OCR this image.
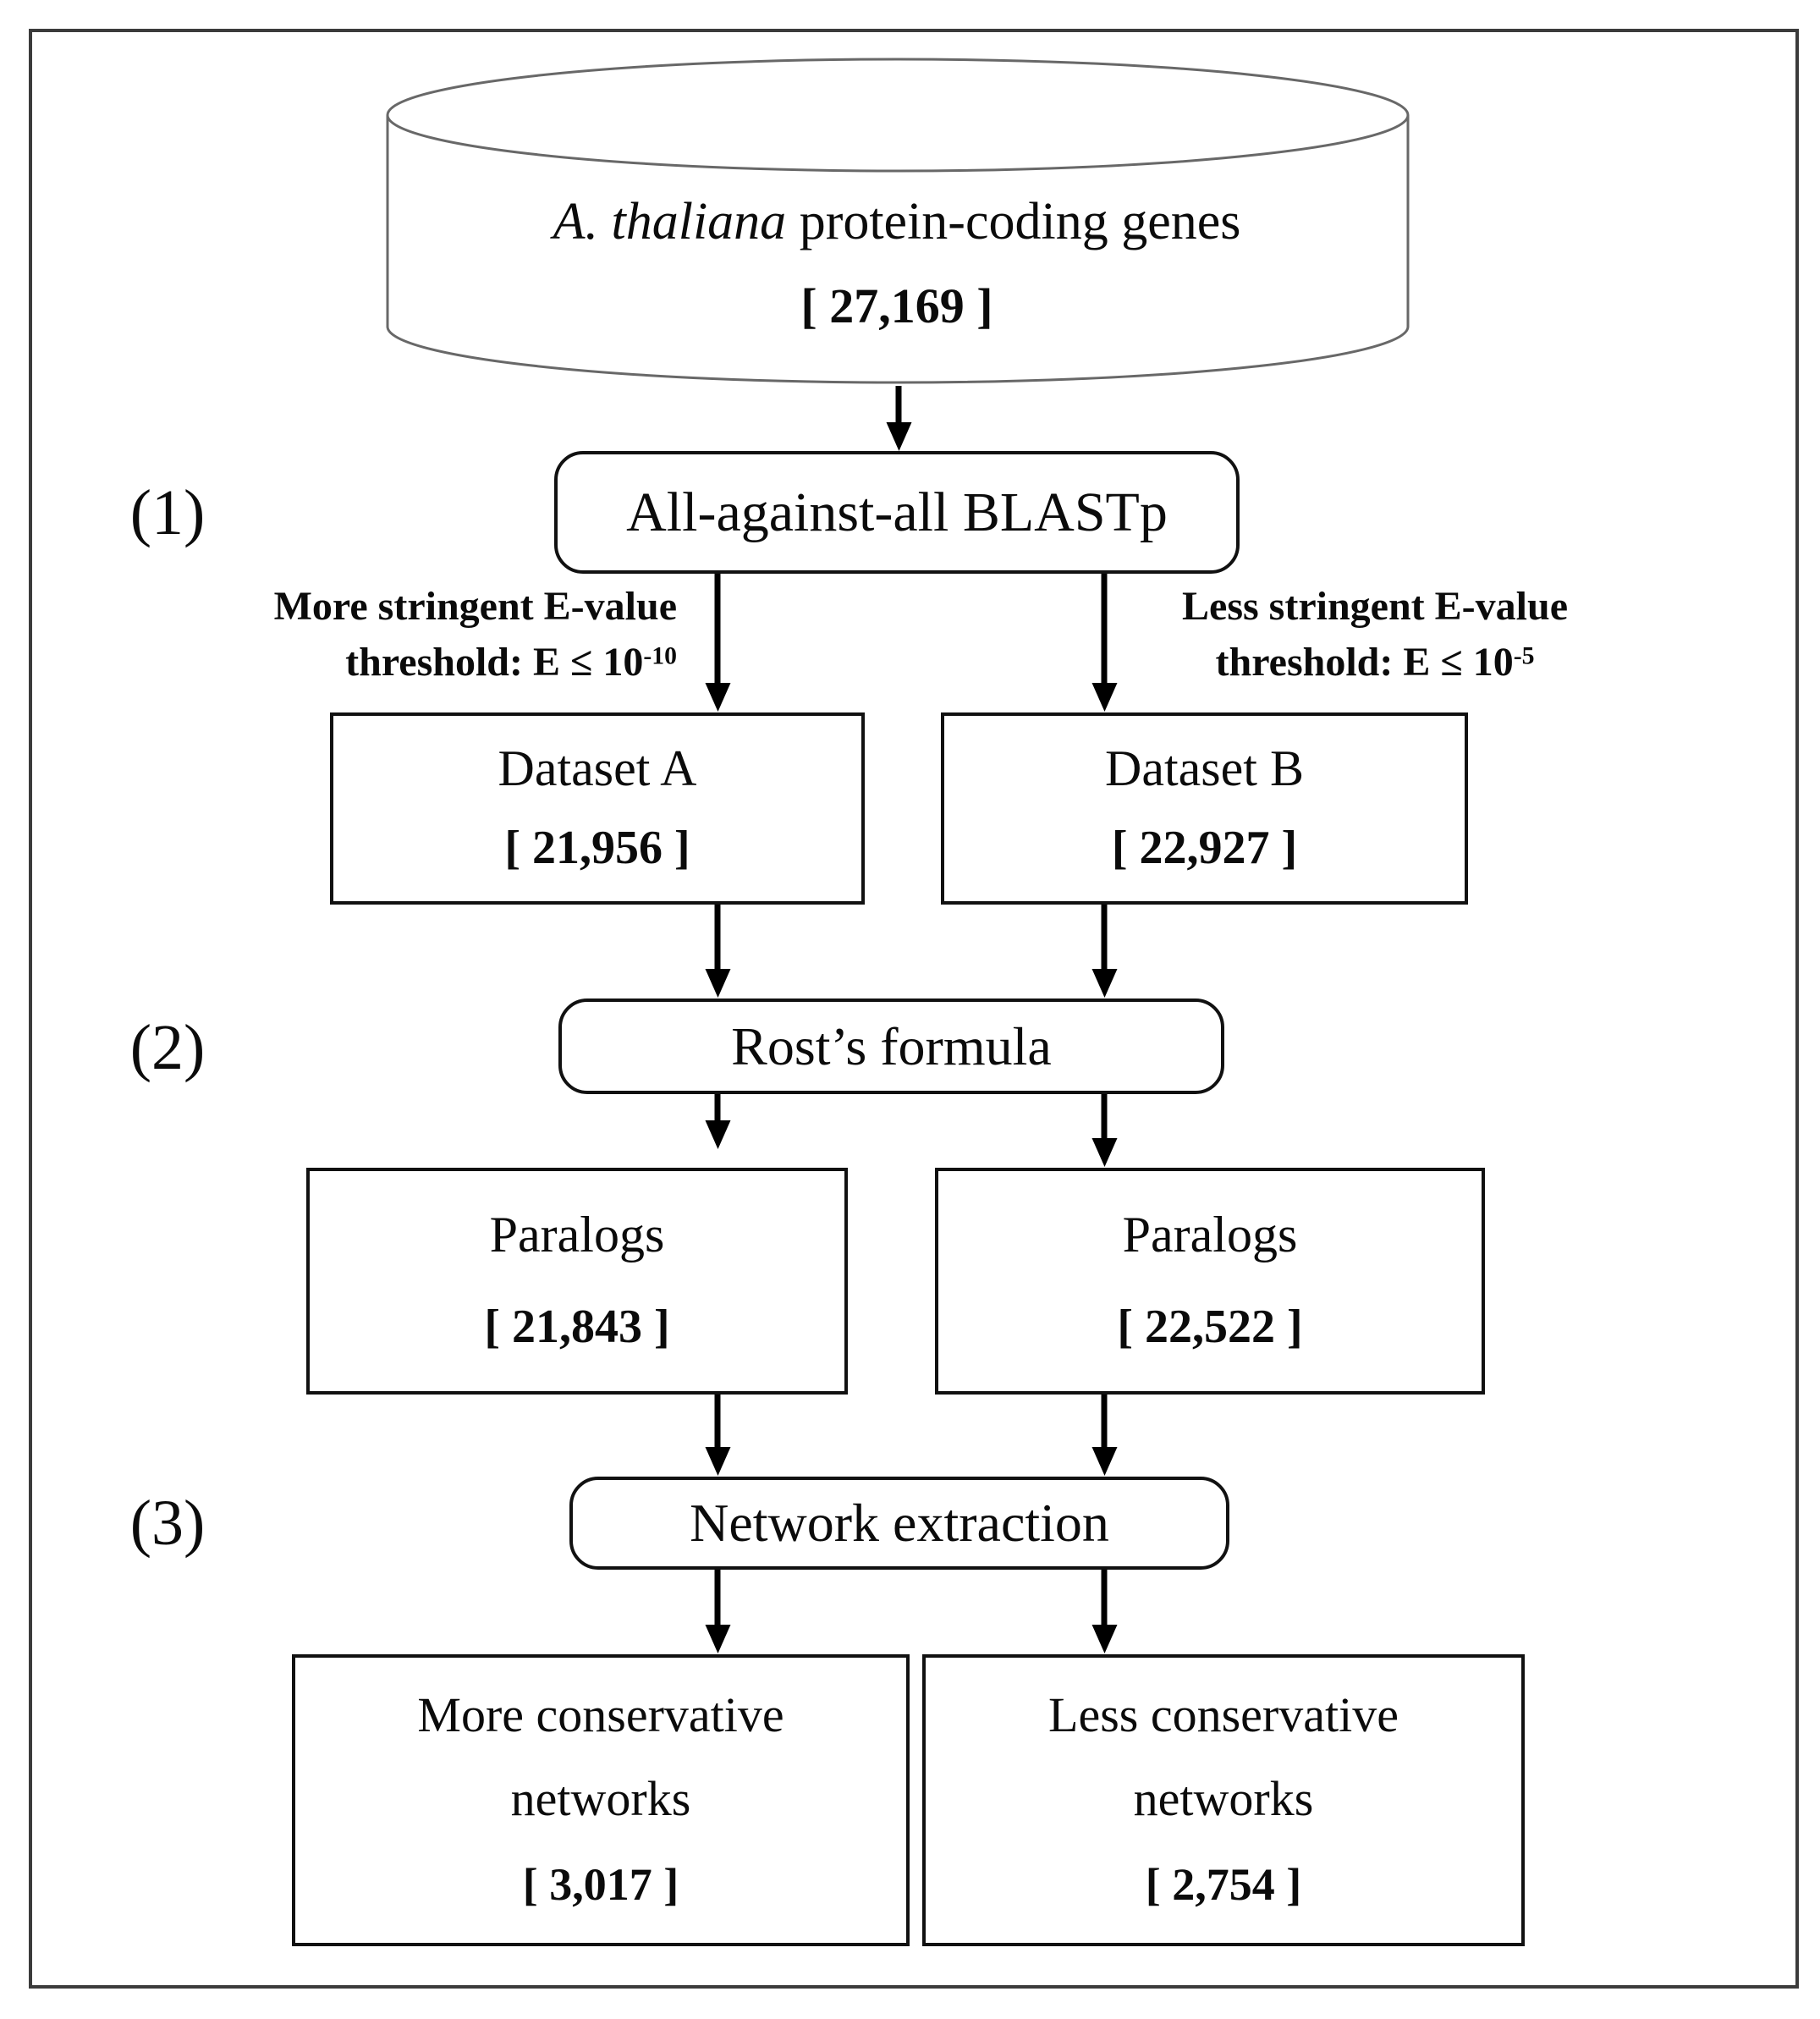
A. thaliana protein-coding genes
[ 27,169 ]
(1)	All-against-all BLASTp
More stringent E-value
threshold: $E \le 10^{-10}$
Less stringent E-value
threshold: $E \le 10^{-5}$
Dataset A
[ 21,956 ]
Dataset B
[ 22,927 ]
(2)	Rost’s formula
Paralogs
[ 21,843 ]
Paralogs
[ 22,522 ]
(3)	Network extraction
More conservative
networks
[ 3,017 ]
Less conservative
networks
[ 2,754 ]
